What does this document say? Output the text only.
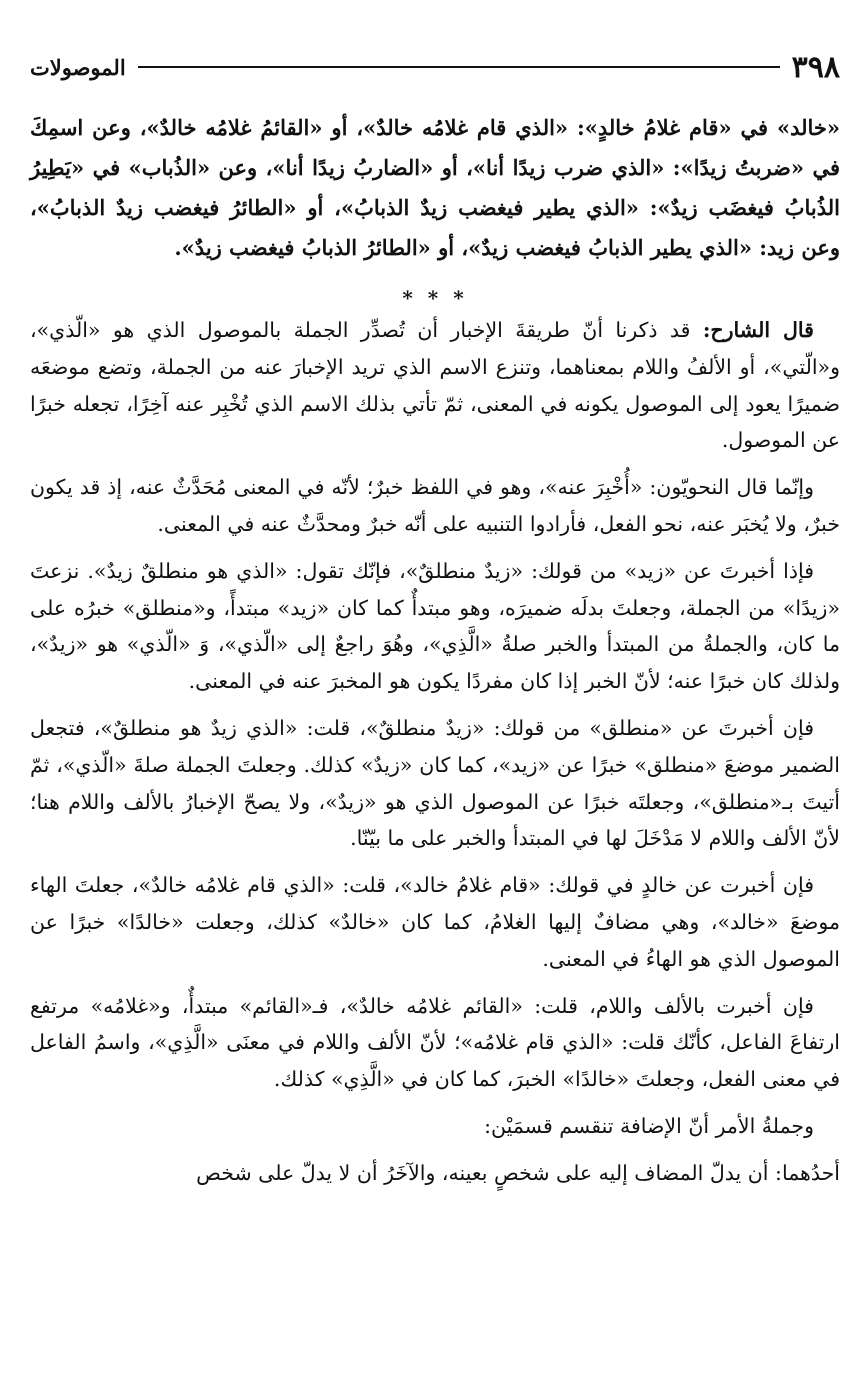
٣٩٨
الموصولات

«خالد» في «قام غلامُ خالدٍ»: «الذي قام غلامُه خالدٌ»، أو «القائمُ غلامُه خالدٌ»، وعن اسمِكَ في «ضربتُ زيدًا»: «الذي ضرب زيدًا أنا»، أو «الضاربُ زيدًا أنا»، وعن «الذُباب» في «يَطِيرُ الذُبابُ فيغضَب زيدٌ»: «الذي يطير فيغضب زيدٌ الذبابُ»، أو «الطائرُ فيغضب زيدٌ الذبابُ»، وعن زيد: «الذي يطير الذبابُ فيغضب زيدٌ»، أو «الطائرُ الذبابُ فيغضب زيدٌ».

* * *

قال الشارح: قد ذكرنا أنّ طريقةَ الإخبار أن تُصدِّر الجملة بالموصول الذي هو «الّذي»، و«الّتي»، أو الألفُ واللام بمعناهما، وتنزع الاسم الذي تريد الإخبارَ عنه من الجملة، وتضع موضعَه ضميرًا يعود إلى الموصول يكونه في المعنى، ثمّ تأتي بذلك الاسم الذي تُخْبِر عنه آخِرًا، تجعله خبرًا عن الموصول.

وإنّما قال النحويّون: «أُخْبِرَ عنه»، وهو في اللفظ خبرٌ؛ لأنّه في المعنى مُحَدَّثٌ عنه، إذ قد يكون خبرٌ، ولا يُخبَر عنه، نحو الفعل، فأرادوا التنبيه على أنّه خبرٌ ومحدَّثٌ عنه في المعنى.

فإذا أخبرتَ عن «زيد» من قولك: «زيدٌ منطلقٌ»، فإنّك تقول: «الذي هو منطلقٌ زيدٌ». نزعتَ «زيدًا» من الجملة، وجعلتَ بدلَه ضميرَه، وهو مبتدأٌ كما كان «زيد» مبتدأً، و«منطلق» خبرُه على ما كان، والجملةُ من المبتدأ والخبر صلةُ «الَّذِي»، وهُوَ راجعٌ إلى «الّذي»، وَ «الّذي» هو «زيدٌ»، ولذلك كان خبرًا عنه؛ لأنّ الخبر إذا كان مفردًا يكون هو المخبرَ عنه في المعنى.

فإن أخبرتَ عن «منطلق» من قولك: «زيدٌ منطلقٌ»، قلت: «الذي زيدٌ هو منطلقٌ»، فتجعل الضمير موضعَ «منطلق» خبرًا عن «زيد»، كما كان «زيدٌ» كذلك. وجعلتَ الجملة صلةَ «الّذي»، ثمّ أتيتَ بـ«منطلق»، وجعلتَه خبرًا عن الموصول الذي هو «زيدٌ»، ولا يصحّ الإخبارُ بالألف واللام هنا؛ لأنّ الألف واللام لا مَدْخَلَ لها في المبتدأ والخبر على ما بيّنّا.

فإن أخبرت عن خالدٍ في قولك: «قام غلامُ خالد»، قلت: «الذي قام غلامُه خالدٌ»، جعلتَ الهاء موضعَ «خالد»، وهي مضافٌ إليها الغلامُ، كما كان «خالدٌ» كذلك، وجعلت «خالدًا» خبرًا عن الموصول الذي هو الهاءُ في المعنى.

فإن أخبرت بالألف واللام، قلت: «القائم غلامُه خالدٌ»، فـ«القائم» مبتدأٌ، و«غلامُه» مرتفع ارتفاعَ الفاعل، كأنّك قلت: «الذي قام غلامُه»؛ لأنّ الألف واللام في معنَى «الَّذِي»، واسمُ الفاعل في معنى الفعل، وجعلتَ «خالدًا» الخبرَ، كما كان في «الَّذِي» كذلك.

وجملةُ الأمر أنّ الإضافة تنقسم قسمَيْن:

أحدُهما: أن يدلّ المضاف إليه على شخصٍ بعينه، والآخَرُ أن لا يدلّ على شخص
